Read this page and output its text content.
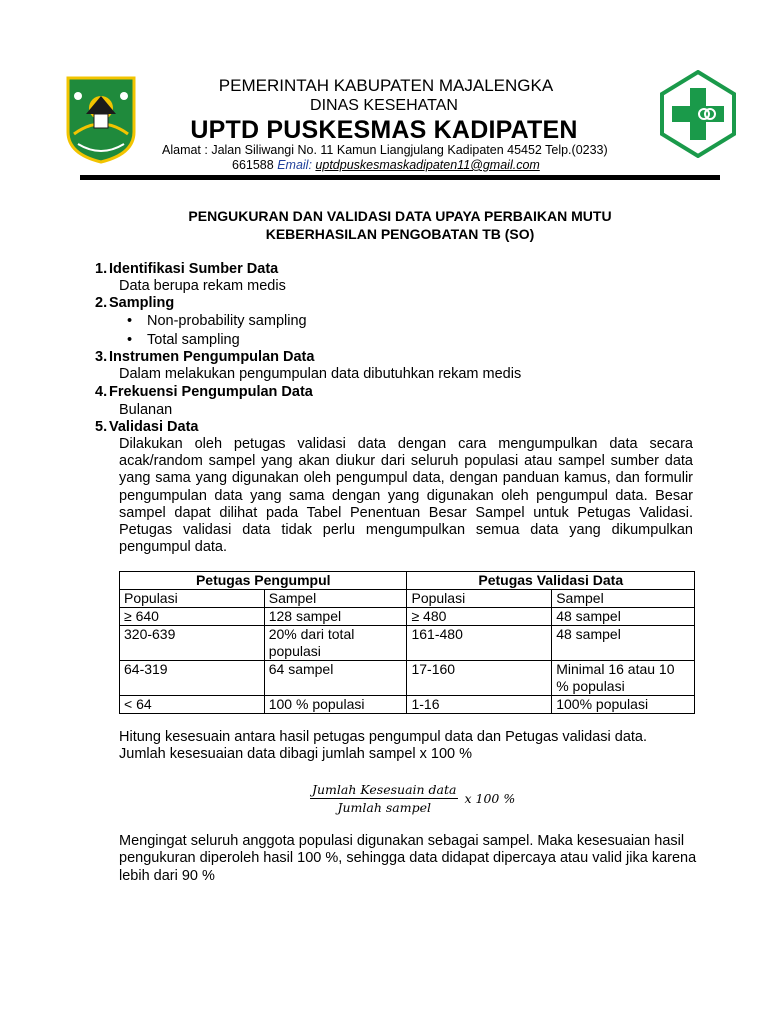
PEMERINTAH KABUPATEN MAJALENGKA
DINAS KESEHATAN
UPTD PUSKESMAS KADIPATEN
Alamat : Jalan Siliwangi No. 11 Kamun Liangjulang Kadipaten 45452 Telp.(0233)
661588 Email: uptdpuskesmaskadipaten11@gmail.com
PENGUKURAN DAN VALIDASI DATA UPAYA PERBAIKAN MUTU
KEBERHASILAN PENGOBATAN TB (SO)
1. Identifikasi Sumber Data
Data berupa rekam medis
2. Sampling
• Non-probability sampling
• Total sampling
3. Instrumen Pengumpulan Data
Dalam melakukan pengumpulan data dibutuhkan rekam medis
4. Frekuensi Pengumpulan Data
Bulanan
5. Validasi Data
Dilakukan oleh petugas validasi data dengan cara mengumpulkan data secara acak/random sampel yang akan diukur dari seluruh populasi atau sampel sumber data yang sama yang digunakan oleh pengumpul data, dengan panduan kamus, dan formulir pengumpulan data yang sama dengan yang digunakan oleh pengumpul data. Besar sampel dapat dilihat pada Tabel Penentuan Besar Sampel untuk Petugas Validasi. Petugas validasi data tidak perlu mengumpulkan semua data yang dikumpulkan pengumpul data.
Petugas Pengumpul		Petugas Validasi Data	
Populasi	Sampel	Populasi	Sampel
≥ 640	128 sampel	≥ 480	48 sampel
320-639	20% dari total populasi	161-480	48 sampel
64-319	64 sampel	17-160	Minimal 16 atau 10 % populasi
< 64	100 % populasi	1-16	100% populasi
Hitung kesesuain antara hasil petugas pengumpul data dan Petugas validasi data.
Jumlah kesesuaian data dibagi jumlah sampel x 100 %
$\frac{\text{Jumlah Kesesuain data}}{\text{Jumlah sampel}}$ x 100 %
Mengingat seluruh anggota populasi digunakan sebagai sampel. Maka kesesuaian hasil pengukuran diperoleh hasil 100 %, sehingga data didapat dipercaya atau valid jika karena lebih dari 90 %
